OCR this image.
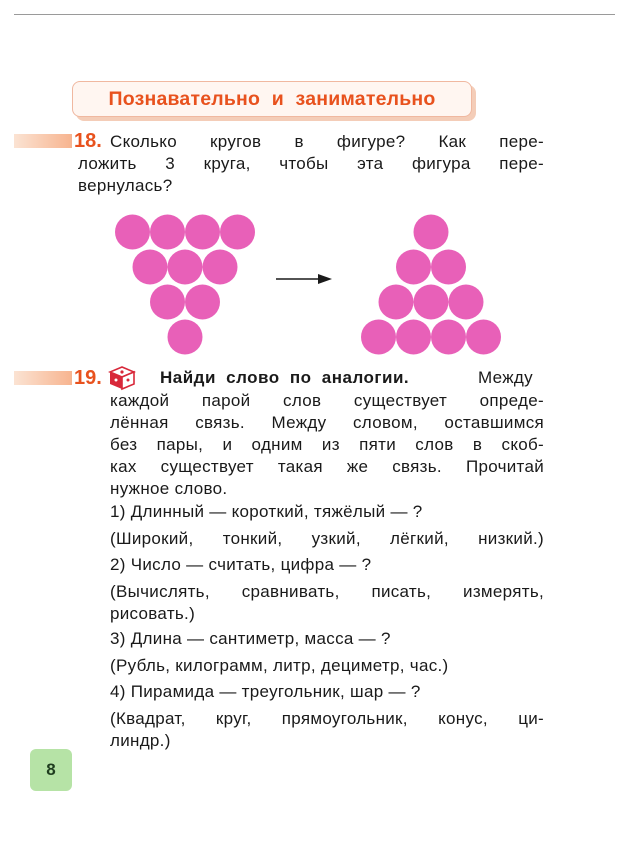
Познавательно и занимательно
18. Сколько кругов в фигуре? Как пере-

ложить 3 круга, чтобы эта фигура пере-

вернулась?

19.	Найди слово по аналогии.	Между

каждой парой слов существует опреде-

лённая связь. Между словом, оставшимся

без пары, и одним из пяти слов в скоб-

ках существует такая же связь. Прочитай

нужное слово.

1) Длинный — короткий, тяжёлый — ?

(Широкий, тонкий, узкий, лёгкий, низкий.)

2) Число — считать, цифра — ?

(Вычислять, сравнивать, писать, измерять,

рисовать.)

3) Длина — сантиметр, масса — ?

(Рубль, килограмм, литр, дециметр, час.)

4) Пирамида — треугольник, шар — ?

(Квадрат, круг, прямоугольник, конус, ци-

линдр.)

8
